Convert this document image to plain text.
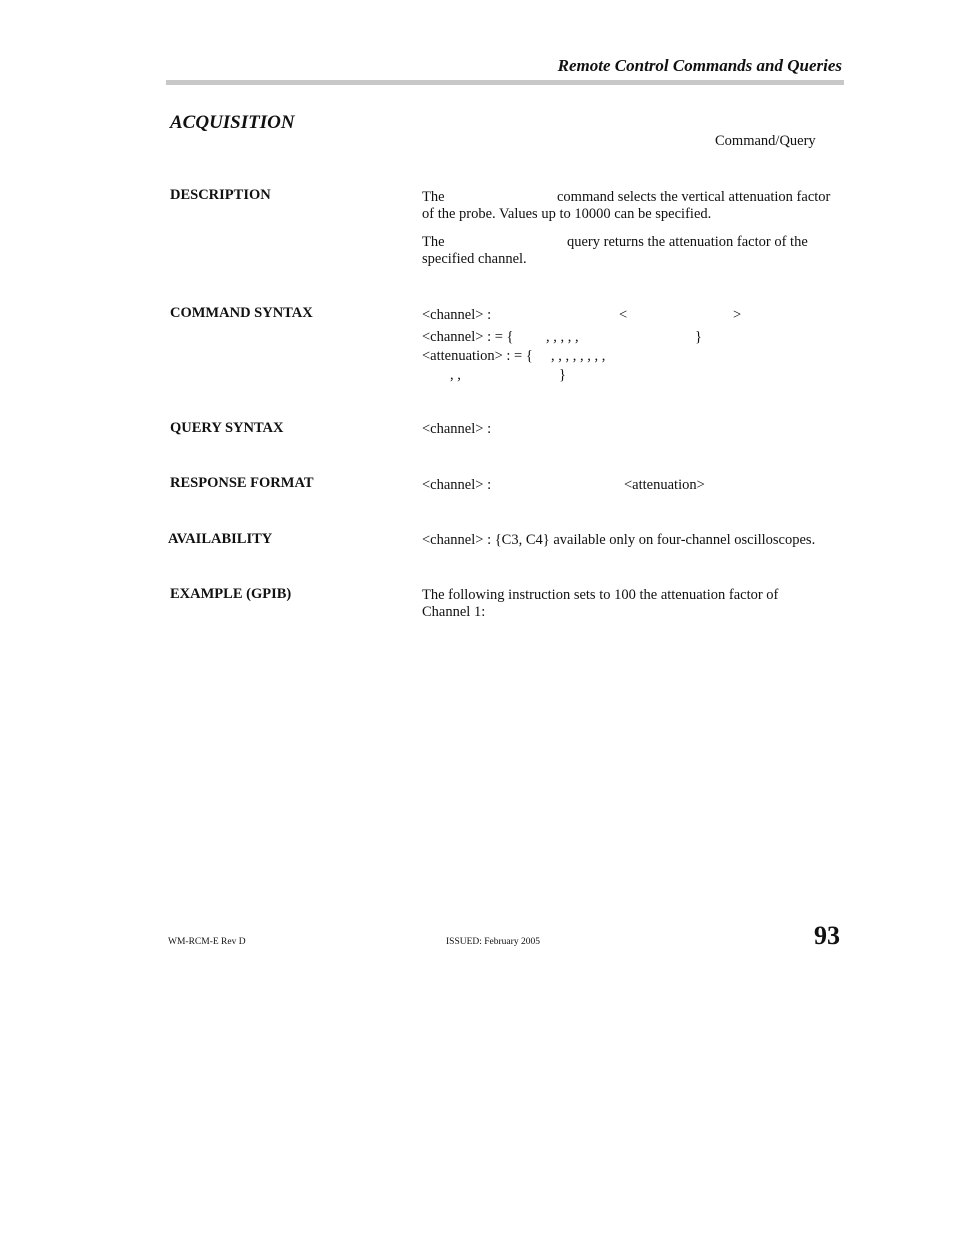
Remote Control Commands and Queries
ACQUISITION
Command/Query
DESCRIPTION	The	command selects the vertical attenuation factor
of the probe. Values up to 10000 can be specified.
The	query returns the attenuation factor of the
specified channel.
COMMAND SYNTAX	<channel> :	<	>
<channel> : = { , , , , ,	}
<attenuation> : = { , , , , , , , ,
, ,	}
QUERY SYNTAX	<channel> :
RESPONSE FORMAT	<channel> :	<attenuation>
AVAILABILITY	<channel> : {C3, C4} available only on four-channel oscilloscopes.
EXAMPLE (GPIB)	The following instruction sets to 100 the attenuation factor of
Channel 1:
WM-RCM-E Rev D	ISSUED: February 2005	93
